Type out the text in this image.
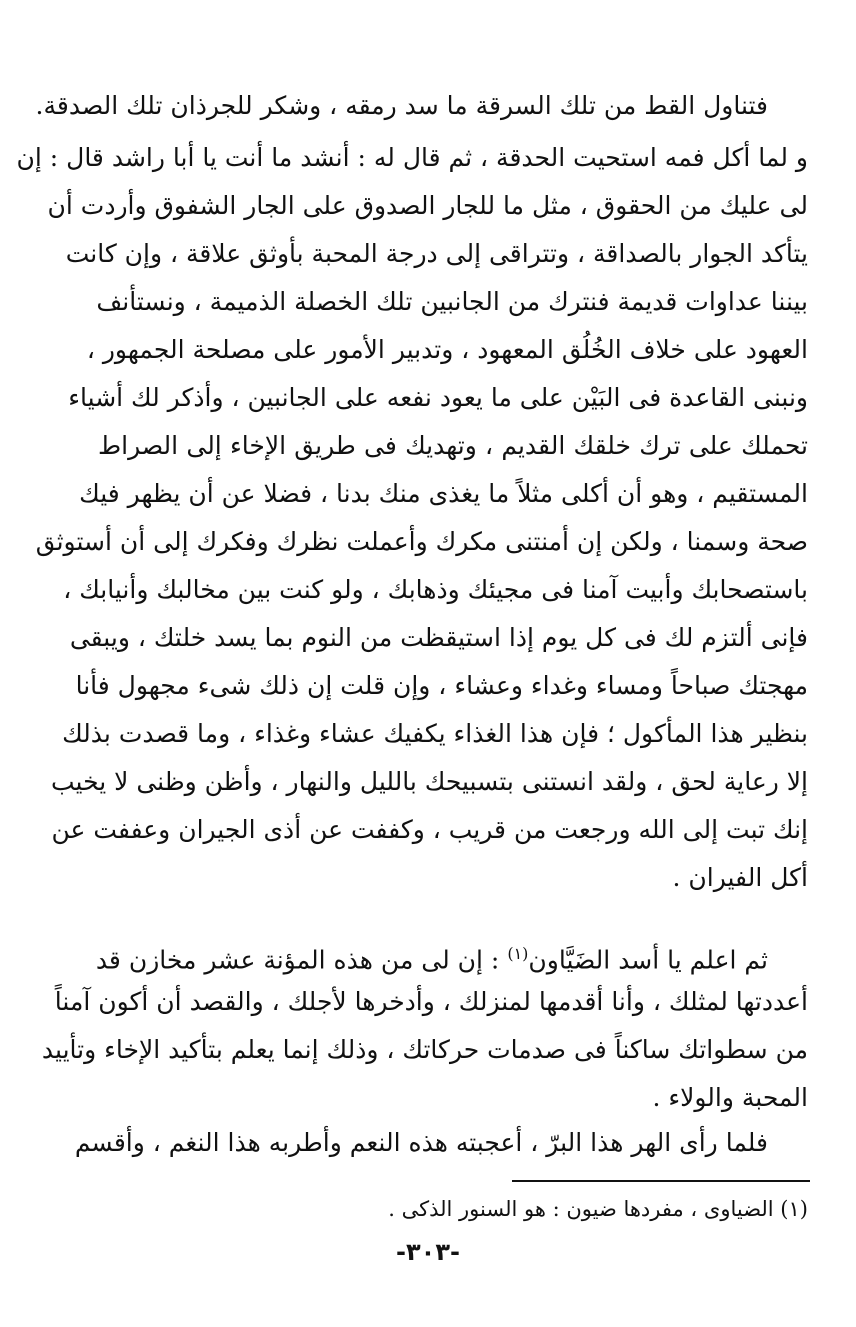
فتناول القط من تلك السرقة ما سد رمقه ، وشكر للجرذان تلك الصدقة.
و لما أكل فمه استحيت الحدقة ، ثم قال له : أنشد ما أنت يا أبا راشد قال : إن
لى عليك من الحقوق ، مثل ما للجار الصدوق على الجار الشفوق وأردت أن
يتأكد الجوار بالصداقة ، وتتراقى إلى درجة المحبة بأوثق علاقة ، وإن كانت
بيننا عداوات قديمة فنترك من الجانبين تلك الخصلة الذميمة ، ونستأنف
العهود على خلاف الخُلُق المعهود ، وتدبير الأمور على مصلحة الجمهور ،
ونبنى القاعدة فى البَيْن على ما يعود نفعه على الجانبين ، وأذكر لك أشياء
تحملك على ترك خلقك القديم ، وتهديك فى طريق الإخاء إلى الصراط
المستقيم ، وهو أن أكلى مثلاً ما يغذى منك بدنا ، فضلا عن أن يظهر فيك
صحة وسمنا ، ولكن إن أمنتنى مكرك وأعملت نظرك وفكرك إلى أن أستوثق
باستصحابك وأبيت آمنا فى مجيئك وذهابك ، ولو كنت بين مخالبك وأنيابك ،
فإنى ألتزم لك فى كل يوم إذا استيقظت من النوم بما يسد خلتك ، ويبقى
مهجتك صباحاً ومساء وغداء وعشاء ، وإن قلت إن ذلك شىء مجهول فأنا
بنظير هذا المأكول ؛ فإن هذا الغذاء يكفيك عشاء وغذاء ، وما قصدت بذلك
إلا رعاية لحق ، ولقد انستنى بتسبيحك بالليل والنهار ، وأظن وظنى لا يخيب
إنك تبت إلى الله ورجعت من قريب ، وكففت عن أذى الجيران وعففت عن
أكل الفيران .
ثم اعلم يا أسد الضَيَّاون$^{(١)}$ : إن لى من هذه المؤنة عشر مخازن قد
أعددتها لمثلك ، وأنا أقدمها لمنزلك ، وأدخرها لأجلك ، والقصد أن أكون آمناً
من سطواتك ساكناً فى صدمات حركاتك ، وذلك إنما يعلم بتأكيد الإخاء وتأييد
المحبة والولاء .
(١) الضياوى ، مفردها ضيون : هو السنور الذكى .
-٣٠٣-
فلما رأى الهر هذا البرّ ، أعجبته هذه النعم وأطربه هذا النغم ، وأقسم
